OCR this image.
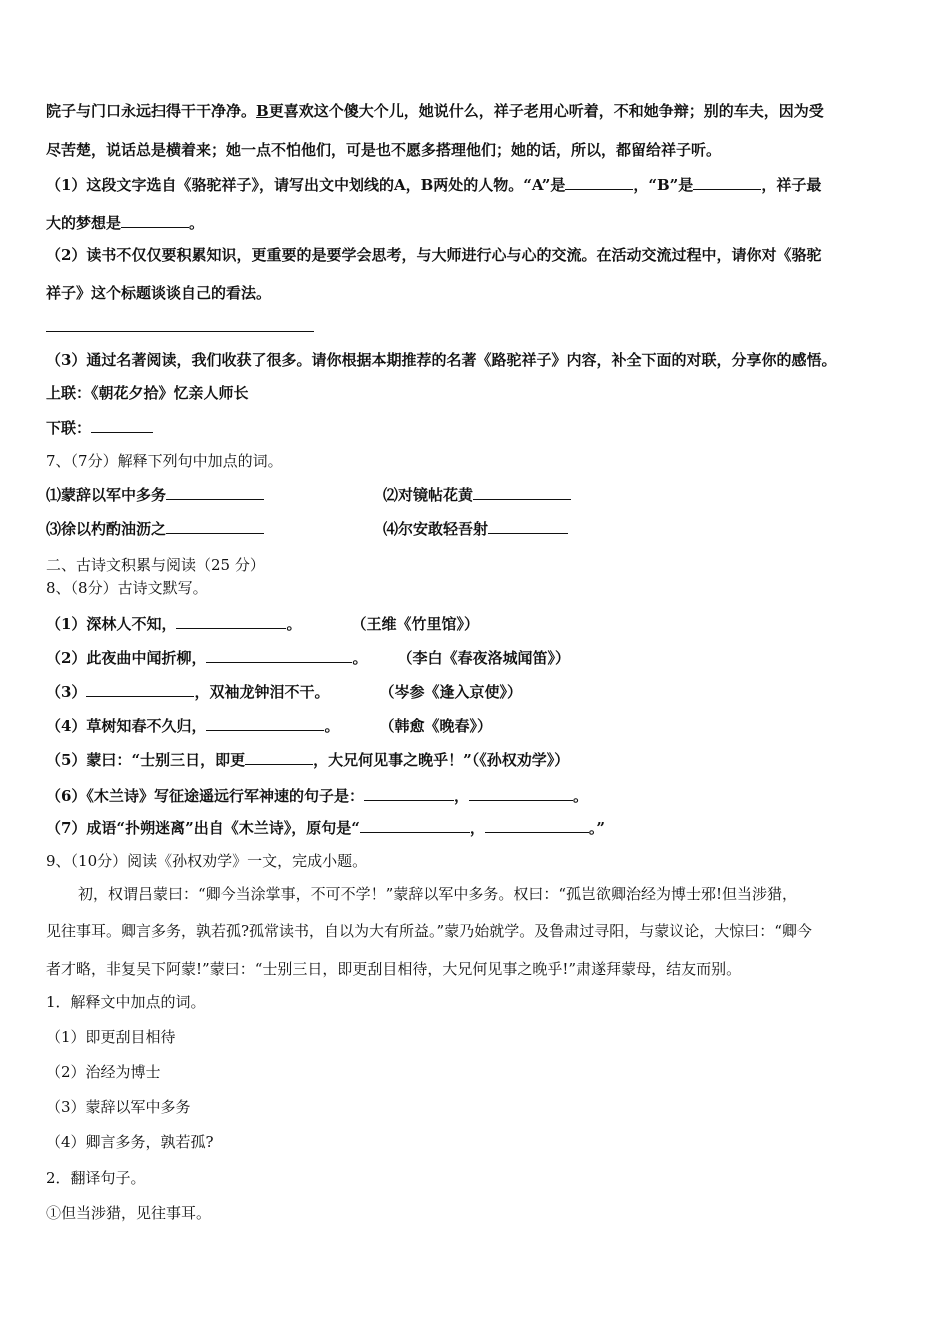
院子与门口永远扫得干干净净。B更喜欢这个傻大个儿，她说什么，祥子老用心听着，不和她争辩；别的车夫，因为受
尽苦楚，说话总是横着来；她一点不怕他们，可是也不愿多搭理他们；她的话，所以，都留给祥子听。
（1）这段文字选自《骆驼祥子》，请写出文中划线的A，B两处的人物。“A”是	，“B”是	，祥子最
大的梦想是	。
（2）读书不仅仅要积累知识，更重要的是要学会思考，与大师进行心与心的交流。在活动交流过程中，请你对《骆驼
祥子》这个标题谈谈自己的看法。
（3）通过名著阅读，我们收获了很多。请你根据本期推荐的名著《路驼祥子》内容，补全下面的对联，分享你的感悟。
上联：《朝花夕拾》忆亲人师长
下联：
7、（7分）解释下列句中加点的词。
⑴蒙辞以军中多务	⑵对镜帖花黄
⑶徐以杓酌油沥之	⑷尔安敢轻吾射
二、古诗文积累与阅读（25 分）
8、（8分）古诗文默写。
（1）深林人不知，	。	（王维《竹里馆》）
（2）此夜曲中闻折柳，	。 （李白《春夜洛城闻笛》）
（3）	，双袖龙钟泪不干。	（岑参《逢入京使》）
（4）草树知春不久归，	。	（韩愈《晚春》）
（5）蒙曰：“士别三日，即更	，大兄何见事之晚乎！”（《孙权劝学》）
（6）《木兰诗》写征途遥远行军神速的句子是：	，	。
（7）成语“扑朔迷离”出自《木兰诗》，原句是“	，	。”
9、（10分）阅读《孙权劝学》一文，完成小题。
初，权谓吕蒙曰：“卿今当涂掌事，不可不学！”蒙辞以军中多务。权曰：“孤岂欲卿治经为博士邪!但当涉猎，
见往事耳。卿言多务，孰若孤?孤常读书，自以为大有所益。”蒙乃始就学。及鲁肃过寻阳，与蒙议论，大惊曰：“卿今
者才略，非复吴下阿蒙!”蒙曰：“士别三日，即更刮目相待，大兄何见事之晚乎!”肃遂拜蒙母，结友而别。
1．解释文中加点的词。
（1）即更刮目相待
（2）治经为博士
（3）蒙辞以军中多务
（4）卿言多务，孰若孤?
2．翻译句子。
①但当涉猎，见往事耳。
